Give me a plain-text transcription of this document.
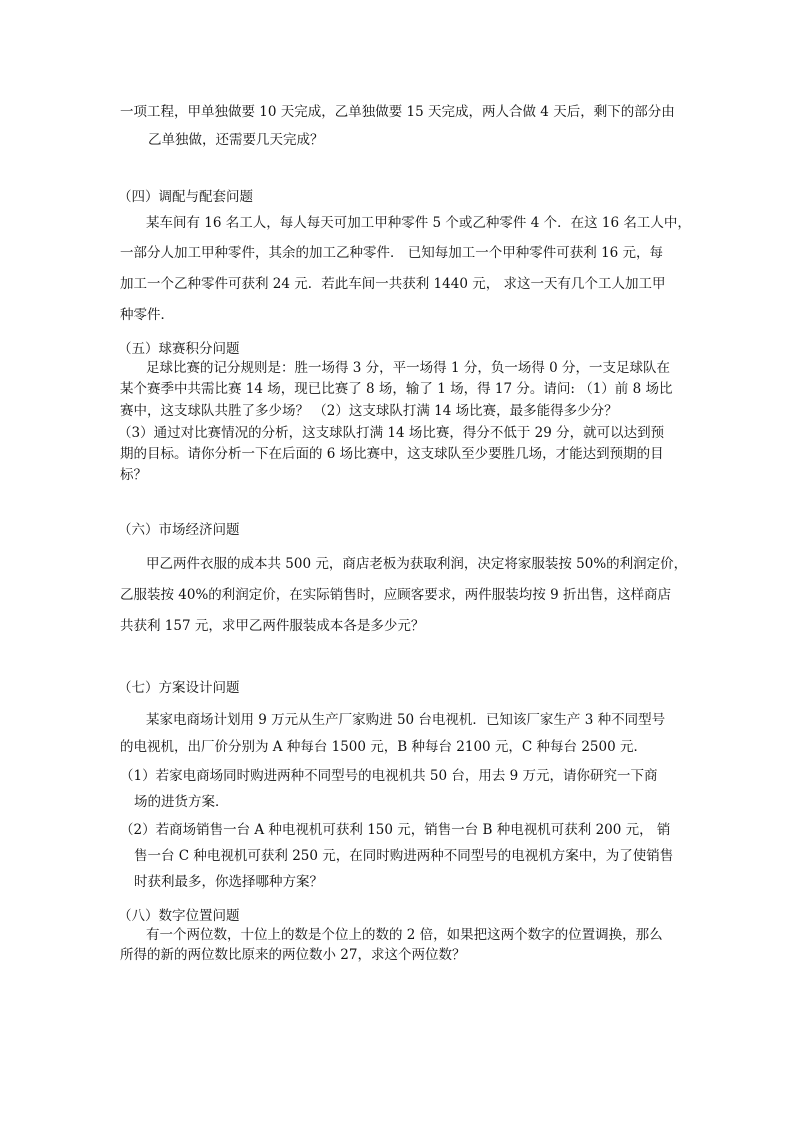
一项工程，甲单独做要 10 天完成，乙单独做要 15 天完成，两人合做 4 天后，剩下的部分由

乙单独做，还需要几天完成？

（四）调配与配套问题

某车间有 16 名工人，每人每天可加工甲种零件 5 个或乙种零件 4 个．在这 16 名工人中，

一部分人加工甲种零件，其余的加工乙种零件． 已知每加工一个甲种零件可获利 16 元，每

加工一个乙种零件可获利 24 元．若此车间一共获利 1440 元， 求这一天有几个工人加工甲

种零件．

（五）球赛积分问题

足球比赛的记分规则是：胜一场得 3 分，平一场得 1 分，负一场得 0 分，一支足球队在

某个赛季中共需比赛 14 场，现已比赛了 8 场，输了 1 场，得 17 分。请问: （1）前 8 场比

赛中，这支球队共胜了多少场？ （2）这支球队打满 14 场比赛，最多能得多少分？

（3）通过对比赛情况的分析，这支球队打满 14 场比赛，得分不低于 29 分，就可以达到预

期的目标。请你分析一下在后面的 6 场比赛中，这支球队至少要胜几场，才能达到预期的目

标？

（六）市场经济问题

甲乙两件衣服的成本共 500 元，商店老板为获取利润，决定将家服装按 50%的利润定价，

乙服装按 40%的利润定价，在实际销售时，应顾客要求，两件服装均按 9 折出售，这样商店

共获利 157 元，求甲乙两件服装成本各是多少元？

（七）方案设计问题

某家电商场计划用 9 万元从生产厂家购进 50 台电视机．已知该厂家生产 3 种不同型号

的电视机，出厂价分别为 A 种每台 1500 元，B 种每台 2100 元，C 种每台 2500 元．

（1）若家电商场同时购进两种不同型号的电视机共 50 台，用去 9 万元，请你研究一下商

场的进货方案．

（2）若商场销售一台 A 种电视机可获利 150 元，销售一台 B 种电视机可获利 200 元， 销

售一台 C 种电视机可获利 250 元，在同时购进两种不同型号的电视机方案中，为了使销售

时获利最多，你选择哪种方案？

（八）数字位置问题

有一个两位数，十位上的数是个位上的数的 2 倍，如果把这两个数字的位置调换，那么

所得的新的两位数比原来的两位数小 27，求这个两位数？
